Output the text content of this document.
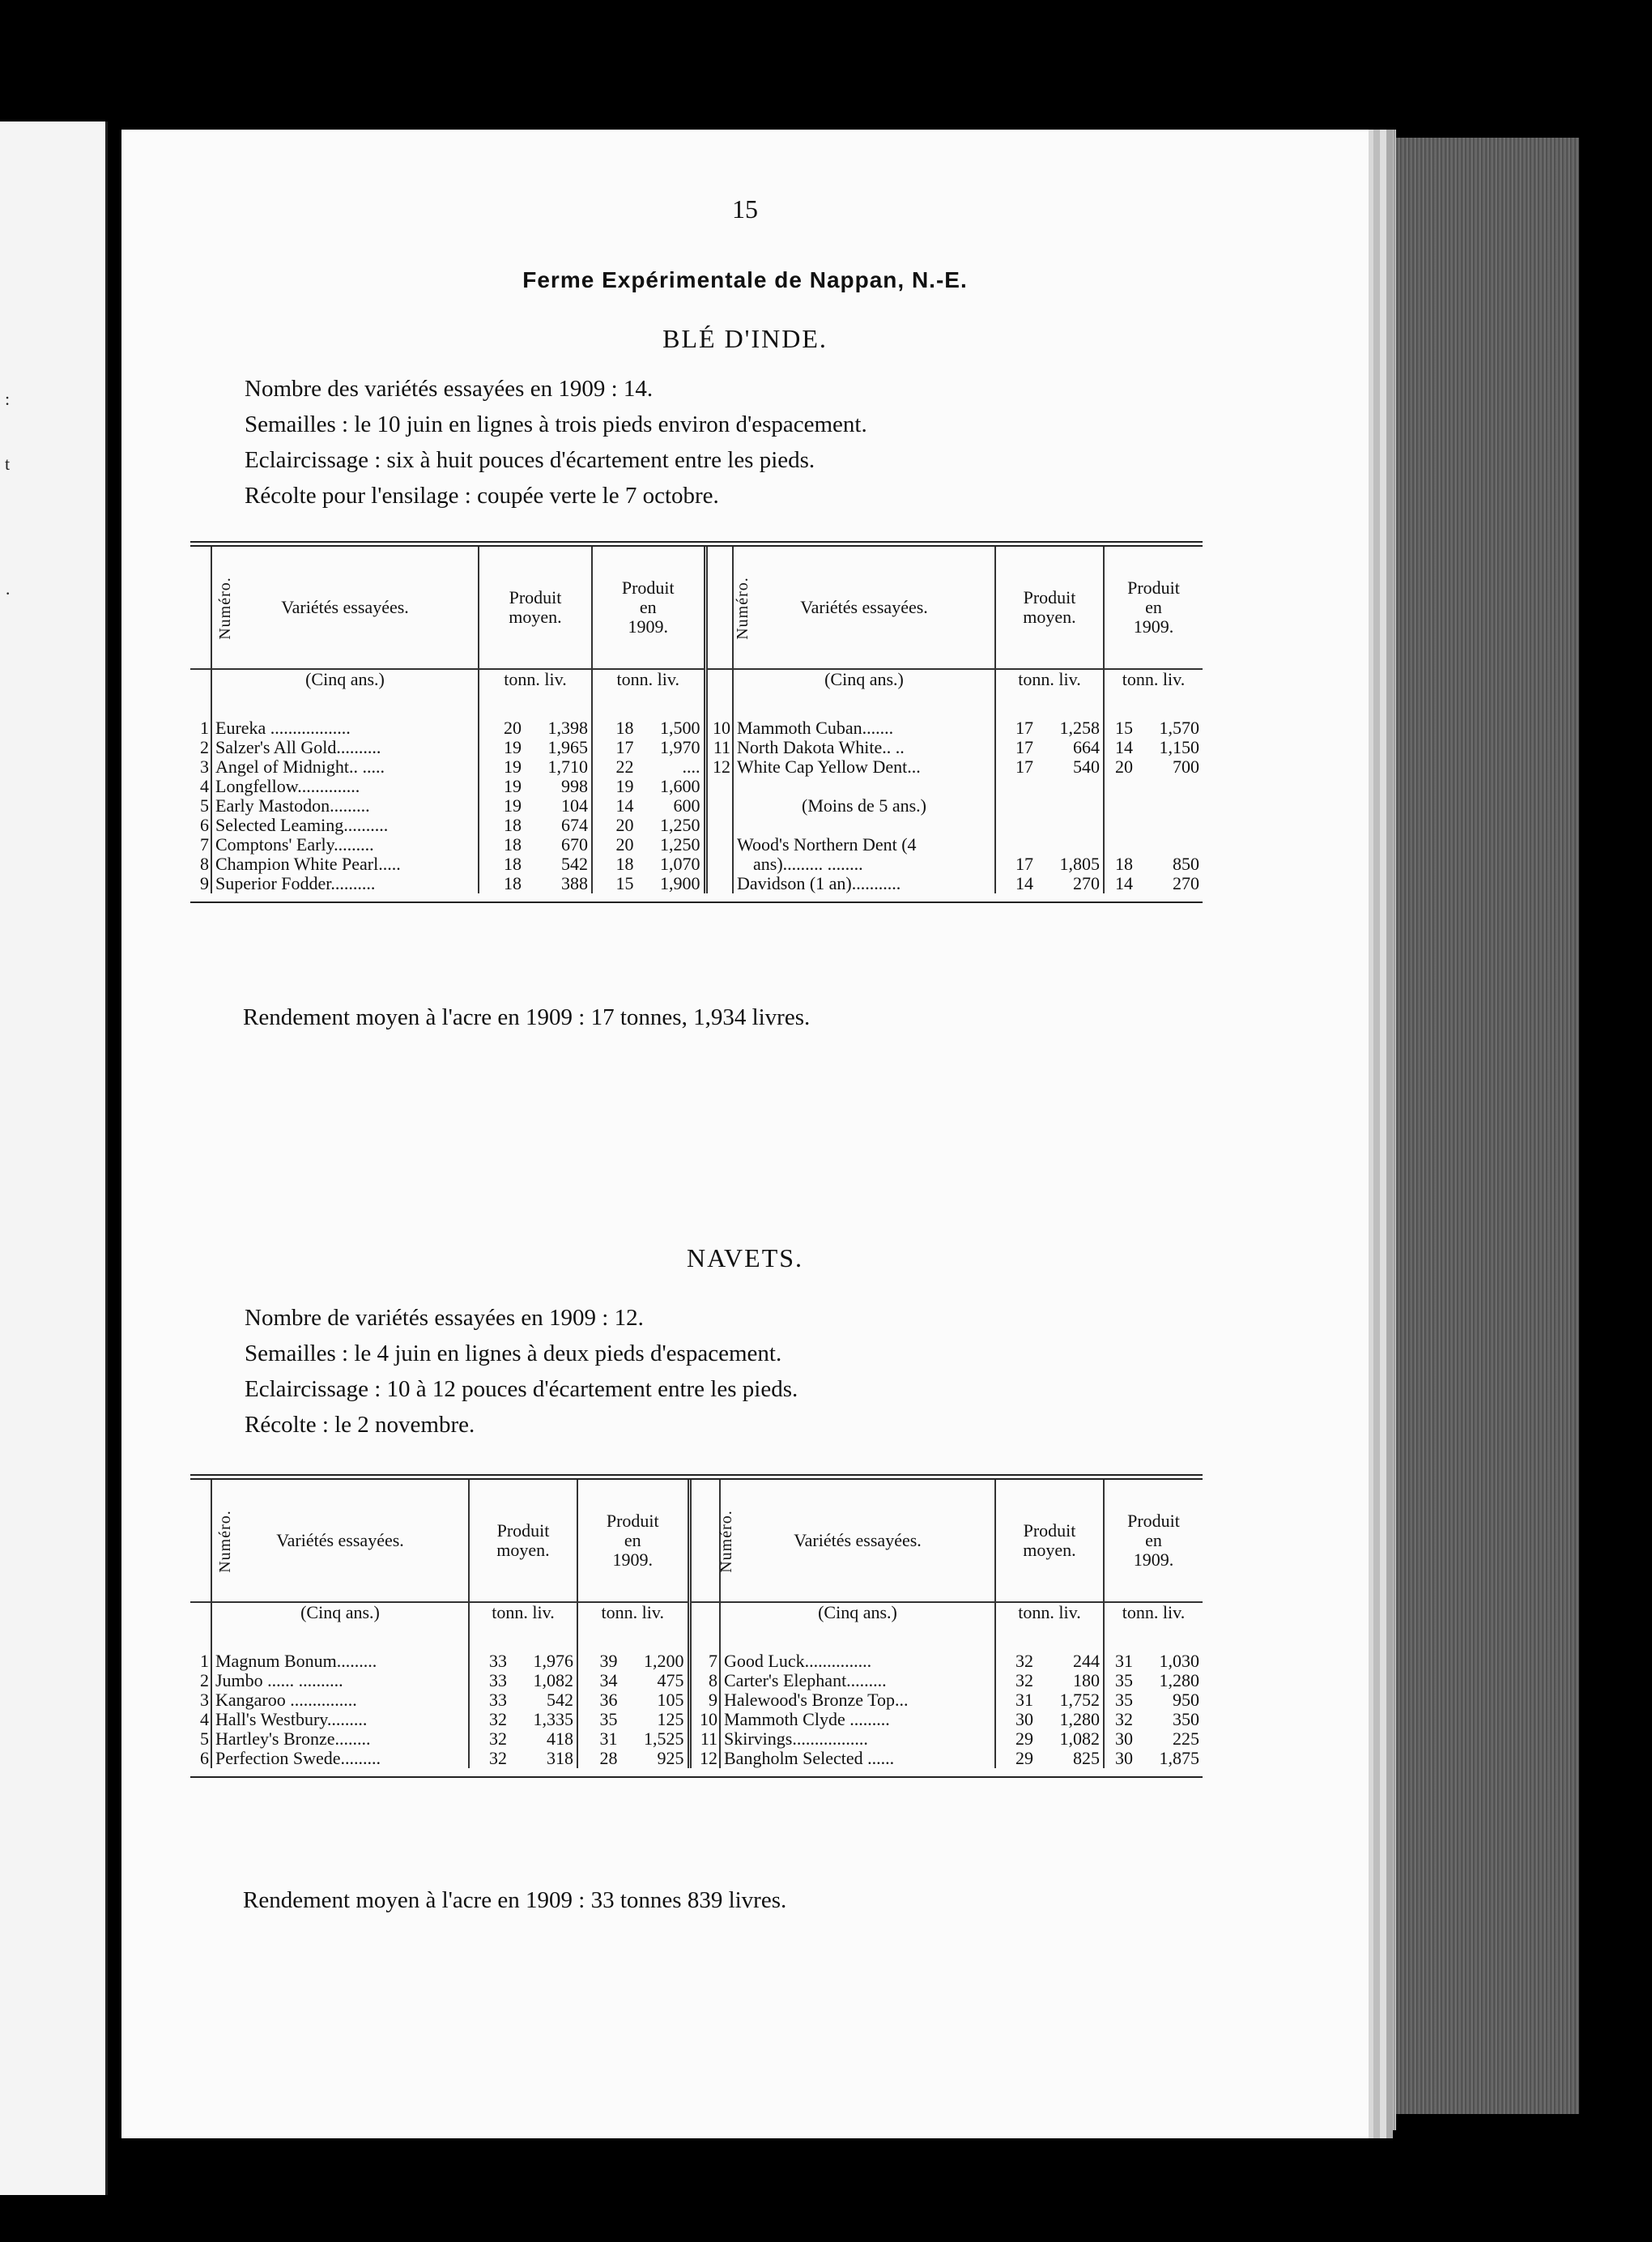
:
t
·
15
Ferme Expérimentale de Nappan, N.-E.
BLÉ D'INDE.
Nombre des variétés essayées en 1909 : 14.
Semailles : le 10 juin en lignes à trois pieds environ d'espacement.
Eclaircissage : six à huit pouces d'écartement entre les pieds.
Récolte pour l'ensilage : coupée verte le 7 octobre.
Numéro.	Variétés essayées.	Produit
moyen.	Produit
en
1909.	Numéro.	Variétés essayées.	Produit
moyen.	Produit
en
1909.
	(Cinq ans.)	tonn. liv.	tonn. liv.		(Cinq ans.)	tonn. liv.	tonn. liv.
1	Eureka ..................	20 1,398	18 1,500	10	Mammoth Cuban.......	17 1,258	15 1,570
2	Salzer's All Gold..........	19 1,965	17 1,970	11	North Dakota White.. ..	17 664	14 1,150
3	Angel of Midnight.. .....	19 1,710	22 ....	12	White Cap Yellow Dent...	17 540	20 700
4	Longfellow..............	19 998	19 1,600				
5	Early Mastodon.........	19 104	14 600		(Moins de 5 ans.)		
6	Selected Leaming..........	18 674	20 1,250				
7	Comptons' Early.........	18 670	20 1,250		Wood's Northern Dent (4		
8	Champion White Pearl.....	18 542	18 1,070		ans)......... ........	17 1,805	18 850
9	Superior Fodder..........	18 388	15 1,900		Davidson (1 an)...........	14 270	14 270
Rendement moyen à l'acre en 1909 : 17 tonnes, 1,934 livres.
NAVETS.
Nombre de variétés essayées en 1909 : 12.
Semailles : le 4 juin en lignes à deux pieds d'espacement.
Eclaircissage : 10 à 12 pouces d'écartement entre les pieds.
Récolte : le 2 novembre.
Numéro.	Variétés essayées.	Produit
moyen.	Produit
en
1909.	Numéro.	Variétés essayées.	Produit
moyen.	Produit
en
1909.
	(Cinq ans.)	tonn. liv.	tonn. liv.		(Cinq ans.)	tonn. liv.	tonn. liv.
1	Magnum Bonum.........	33 1,976	39 1,200	7	Good Luck...............	32 244	31 1,030
2	Jumbo ...... ..........	33 1,082	34 475	8	Carter's Elephant.........	32 180	35 1,280
3	Kangaroo ...............	33 542	36 105	9	Halewood's Bronze Top...	31 1,752	35 950
4	Hall's Westbury.........	32 1,335	35 125	10	Mammoth Clyde .........	30 1,280	32 350
5	Hartley's Bronze........	32 418	31 1,525	11	Skirvings.................	29 1,082	30 225
6	Perfection Swede.........	32 318	28 925	12	Bangholm Selected ......	29 825	30 1,875
Rendement moyen à l'acre en 1909 : 33 tonnes 839 livres.
